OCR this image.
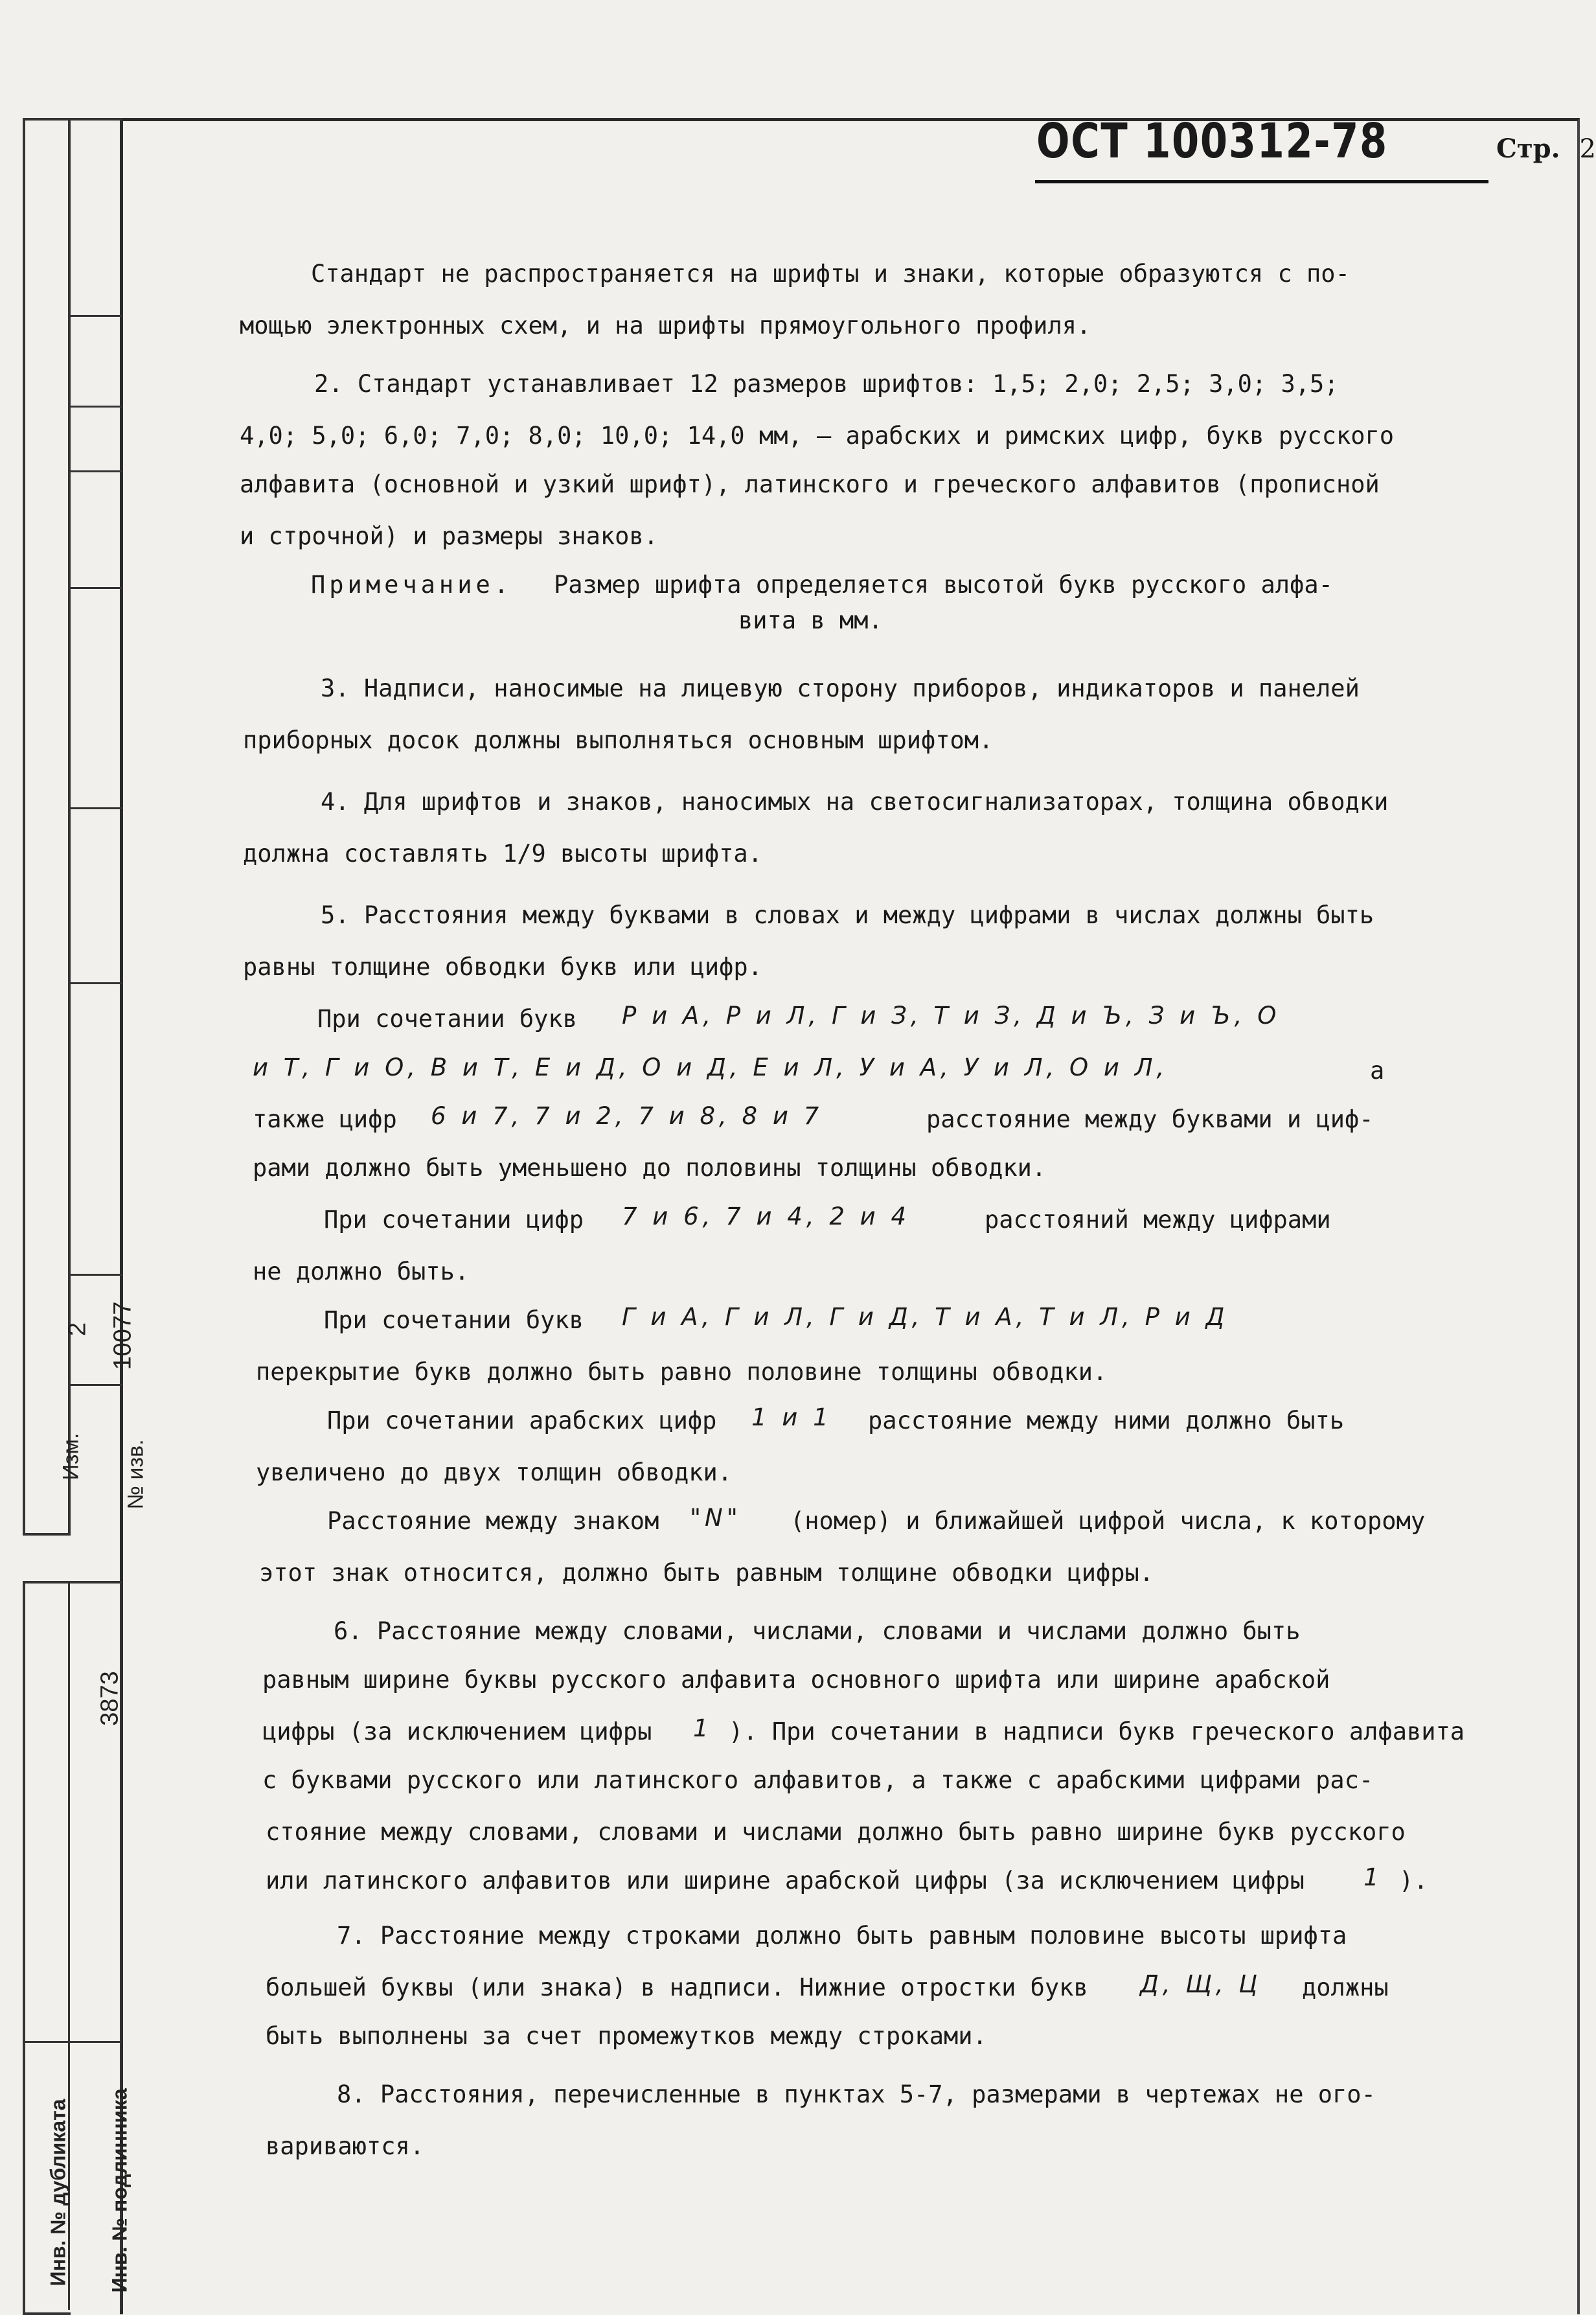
Изм.
2
№ изв.
10077
3873
Инв. № дубликата Инв. № подлинника
ОСТ 100312-78	Стр. 2

Стандарт не распространяется на шрифты и знаки, которые образуются с по-

мощью электронных схем, и на шрифты прямоугольного профиля.

2. Стандарт устанавливает 12 размеров шрифтов: 1,5; 2,0; 2,5; 3,0; 3,5;

4,0; 5,0; 6,0; 7,0; 8,0; 10,0; 14,0 мм, – арабских и римских цифр, букв русского

алфавита (основной и узкий шрифт), латинского и греческого алфавитов (прописной

и строчной) и размеры знаков.

Примечание. Размер шрифта определяется высотой букв русского алфа-

вита в мм.

3. Надписи, наносимые на лицевую сторону приборов, индикаторов и панелей

приборных досок должны выполняться основным шрифтом.

4. Для шрифтов и знаков, наносимых на светосигнализаторах, толщина обводки

должна составлять 1/9 высоты шрифта.

5. Расстояния между буквами в словах и между цифрами в числах должны быть

равны толщине обводки букв или цифр.

При сочетании букв Р и А, Р и Л, Г и З, Т и З, Д и Ъ, З и Ъ, О

и Т, Г и О, В и Т, Е и Д, О и Д, Е и Л, У и А, У и Л, О и Л,	а

также цифр 6 и 7, 7 и 2, 7 и 8, 8 и 7	расстояние между буквами и циф-

рами должно быть уменьшено до половины толщины обводки.

При сочетании цифр 7 и 6, 7 и 4, 2 и 4	расстояний между цифрами

не должно быть.

При сочетании букв Г и А, Г и Л, Г и Д, Т и А, Т и Л, Р и Д

перекрытие букв должно быть равно половине толщины обводки.

При сочетании арабских цифр 1 и 1 расстояние между ними должно быть

увеличено до двух толщин обводки.

Расстояние между знаком "N" (номер) и ближайшей цифрой числа, к которому

этот знак относится, должно быть равным толщине обводки цифры.

6. Расстояние между словами, числами, словами и числами должно быть

равным ширине буквы русского алфавита основного шрифта или ширине арабской

цифры (за исключением цифры 1 ). При сочетании в надписи букв греческого алфавита

с буквами русского или латинского алфавитов, а также с арабскими цифрами рас-

стояние между словами, словами и числами должно быть равно ширине букв русского

или латинского алфавитов или ширине арабской цифры (за исключением цифры 1 ).

7. Расстояние между строками должно быть равным половине высоты шрифта

большей буквы (или знака) в надписи. Нижние отростки букв Д, Щ, Ц должны

быть выполнены за счет промежутков между строками.

8. Расстояния, перечисленные в пунктах 5-7, размерами в чертежах не ого-

вариваются.
